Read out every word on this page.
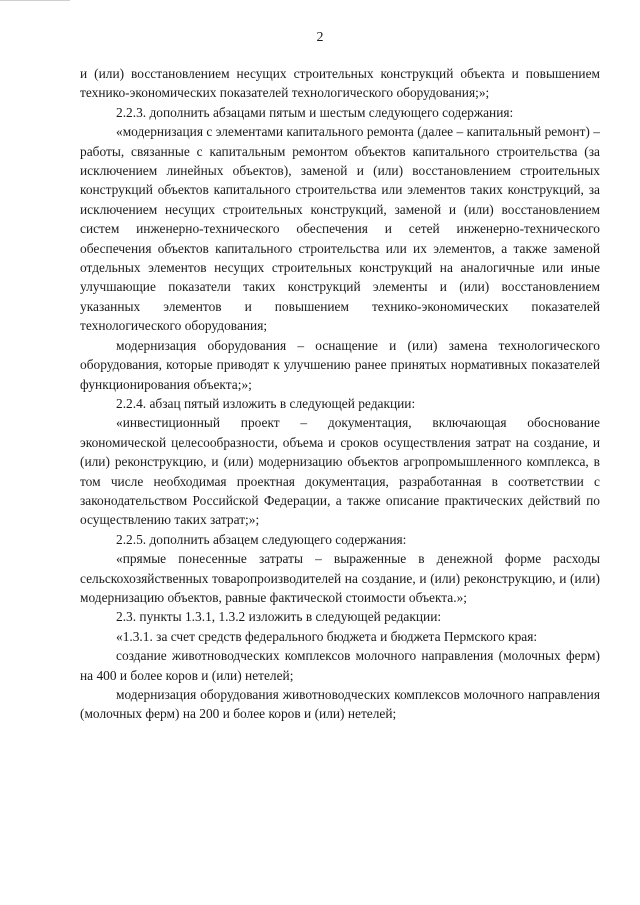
2

и (или) восстановлением несущих строительных конструкций объекта и повышением технико-экономических показателей технологического оборудования;»;

2.2.3. дополнить абзацами пятым и шестым следующего содержания:

«модернизация с элементами капитального ремонта (далее – капитальный ремонт) – работы, связанные с капитальным ремонтом объектов капитального строительства (за исключением линейных объектов), заменой и (или) восстановлением строительных конструкций объектов капитального строительства или элементов таких конструкций, за исключением несущих строительных конструкций, заменой и (или) восстановлением систем инженерно-технического обеспечения и сетей инженерно-технического обеспечения объектов капитального строительства или их элементов, а также заменой отдельных элементов несущих строительных конструкций на аналогичные или иные улучшающие показатели таких конструкций элементы и (или) восстановлением указанных элементов и повышением технико-экономических показателей технологического оборудования;

модернизация оборудования – оснащение и (или) замена технологического оборудования, которые приводят к улучшению ранее принятых нормативных показателей функционирования объекта;»;

2.2.4. абзац пятый изложить в следующей редакции:

«инвестиционный проект – документация, включающая обоснование экономической целесообразности, объема и сроков осуществления затрат на создание, и (или) реконструкцию, и (или) модернизацию объектов агропромышленного комплекса, в том числе необходимая проектная документация, разработанная в соответствии с законодательством Российской Федерации, а также описание практических действий по осуществлению таких затрат;»;

2.2.5. дополнить абзацем следующего содержания:

«прямые понесенные затраты – выраженные в денежной форме расходы сельскохозяйственных товаропроизводителей на создание, и (или) реконструкцию, и (или) модернизацию объектов, равные фактической стоимости объекта.»;

2.3. пункты 1.3.1, 1.3.2 изложить в следующей редакции:

«1.3.1. за счет средств федерального бюджета и бюджета Пермского края:

создание животноводческих комплексов молочного направления (молочных ферм) на 400 и более коров и (или) нетелей;

модернизация оборудования животноводческих комплексов молочного направления (молочных ферм) на 200 и более коров и (или) нетелей;
